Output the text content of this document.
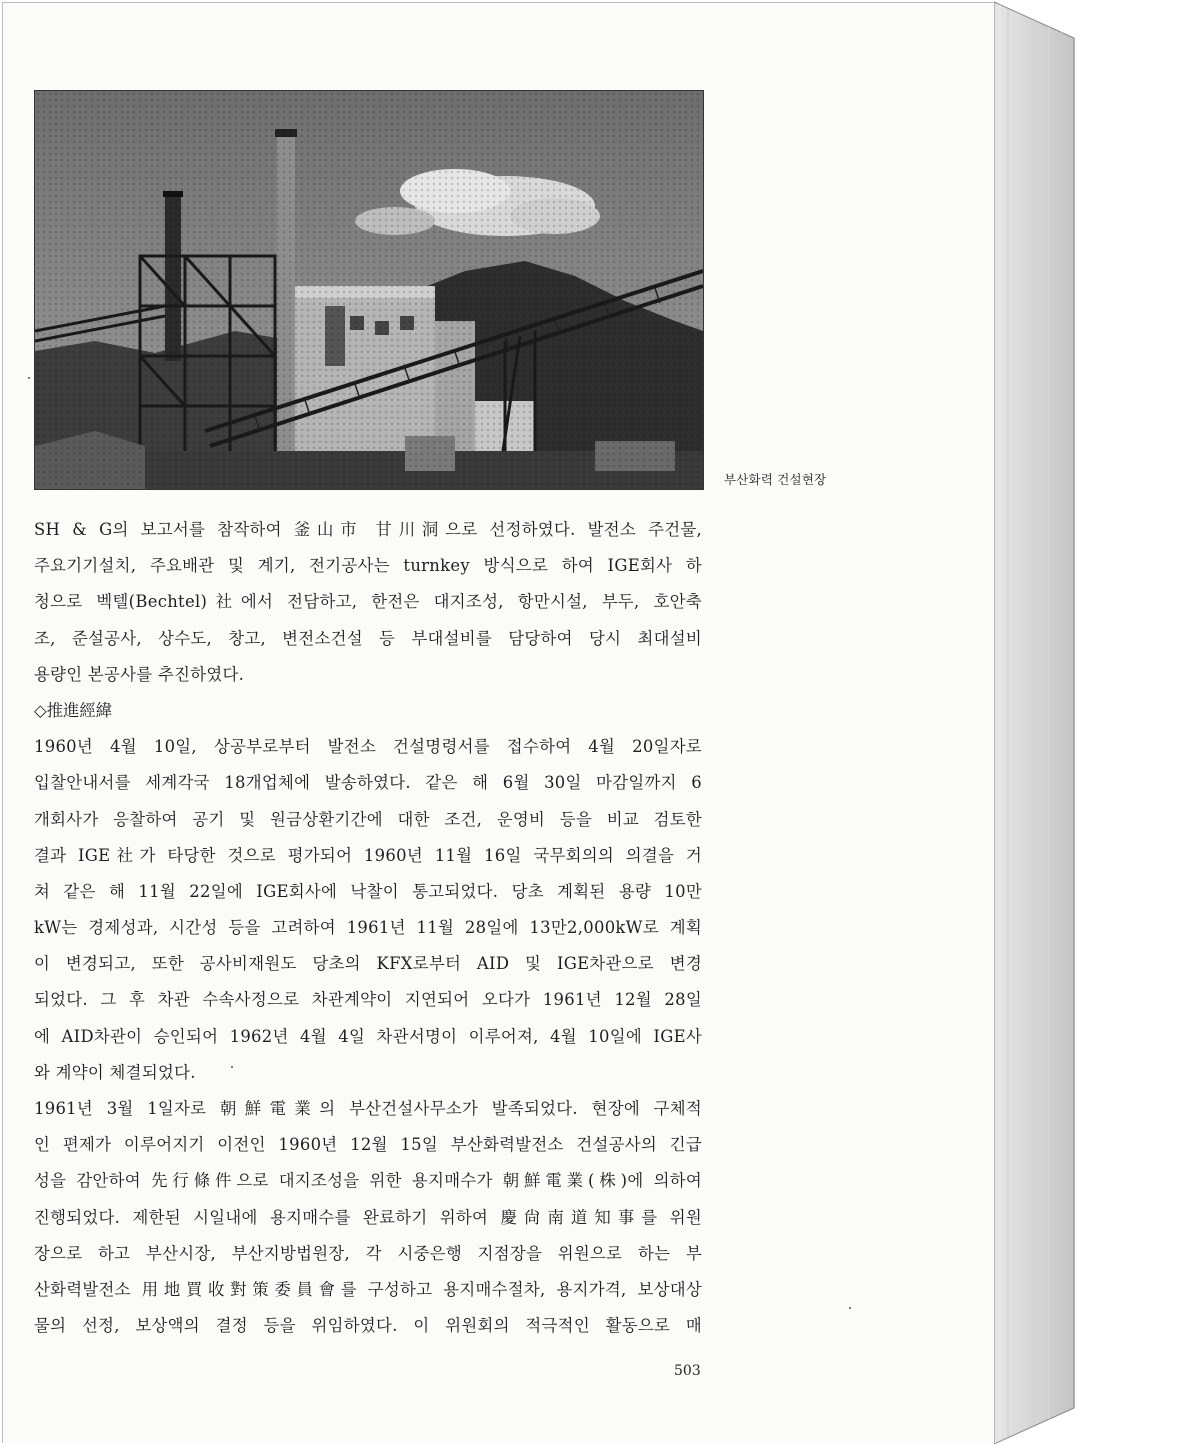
부산화력 건설현장
SH & G의 보고서를 참작하여 釜山市 甘川洞으로 선정하였다. 발전소 주건물,
주요기기설치, 주요배관 및 계기, 전기공사는 turnkey 방식으로 하여 IGE회사 하
청으로 벡텔(Bechtel)社에서 전담하고, 한전은 대지조성, 항만시설, 부두, 호안축
조, 준설공사, 상수도, 창고, 변전소건설 등 부대설비를 담당하여 당시 최대설비
용량인 본공사를 추진하였다.
◇推進經緯
1960년 4월 10일, 상공부로부터 발전소 건설명령서를 접수하여 4월 20일자로
입찰안내서를 세계각국 18개업체에 발송하였다. 같은 해 6월 30일 마감일까지 6
개회사가 응찰하여 공기 및 원금상환기간에 대한 조건, 운영비 등을 비교 검토한
결과 IGE社가 타당한 것으로 평가되어 1960년 11월 16일 국무회의의 의결을 거
쳐 같은 해 11월 22일에 IGE회사에 낙찰이 통고되었다. 당초 계획된 용량 10만
kW는 경제성과, 시간성 등을 고려하여 1961년 11월 28일에 13만2,000kW로 계획
이 변경되고, 또한 공사비재원도 당초의 KFX로부터 AID 및 IGE차관으로 변경
되었다. 그 후 차관 수속사정으로 차관계약이 지연되어 오다가 1961년 12월 28일
에 AID차관이 승인되어 1962년 4월 4일 차관서명이 이루어져, 4월 10일에 IGE사
와 계약이 체결되었다.
1961년 3월 1일자로 朝鮮電業의 부산건설사무소가 발족되었다. 현장에 구체적
인 편제가 이루어지기 이전인 1960년 12월 15일 부산화력발전소 건설공사의 긴급
성을 감안하여 先行條件으로 대지조성을 위한 용지매수가 朝鮮電業(株)에 의하여
진행되었다. 제한된 시일내에 용지매수를 완료하기 위하여 慶尙南道知事를 위원
장으로 하고 부산시장, 부산지방법원장, 각 시중은행 지점장을 위원으로 하는 부
산화력발전소 用地買收對策委員會를 구성하고 용지매수절차, 용지가격, 보상대상
물의 선정, 보상액의 결정 등을 위임하였다. 이 위원회의 적극적인 활동으로 매
503
